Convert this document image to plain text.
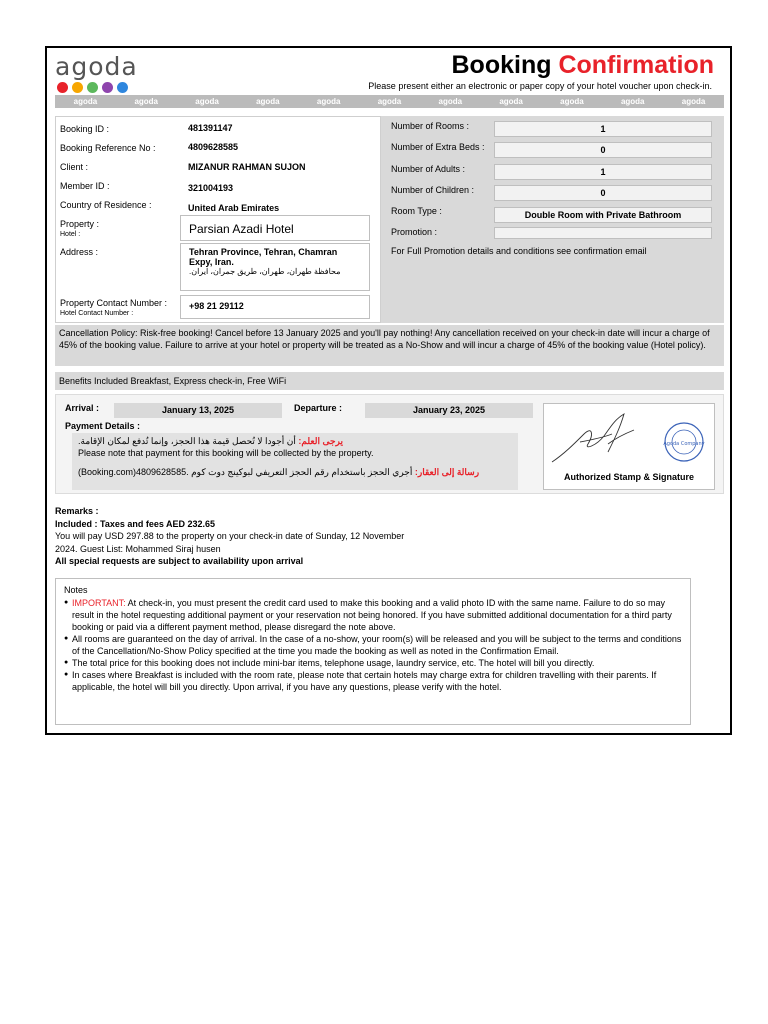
agoda	Booking Confirmation
Please present either an electronic or paper copy of your hotel voucher upon check-in.
agoda	agoda	agoda	agoda	agoda	agoda	agoda	agoda	agoda	agoda	agoda
Booking ID :	481391147
Booking Reference No :	4809628585
Client :	MIZANUR RAHMAN SUJON
Member ID :	321004193
Country of Residence :	United Arab Emirates
Property :
Hotel :	Parsian Azadi Hotel
Address :	Tehran Province, Tehran, Chamran
Expy, Iran.
محافظة طهران، طهران، طريق جمران، ايران.
Property Contact Number :
Hotel Contact Number :
+98 21 29112
Number of Rooms :	1
Number of Extra Beds :	0
Number of Adults :	1
Number of Children :	0
Room Type :	Double Room with Private Bathroom
Promotion :
For Full Promotion details and conditions see confirmation email
Cancellation Policy: Risk-free booking! Cancel before 13 January 2025 and you'll pay nothing! Any cancellation received on your check-in date will incur a charge of 45% of the booking value. Failure to arrive at your hotel or property will be treated as a No-Show and will incur a charge of 45% of the booking value (Hotel policy).
Benefits Included Breakfast, Express check-in, Free WiFi
Arrival :	January 13, 2025	Departure :	January 23, 2025
Payment Details :
يرجى العلم: أن أجودا لا تُحصل قيمة هذا الحجز، وإنما تُدفع لمكان الإقامة.
Please note that payment for this booking will be collected by the property.
رسالة إلى العقار: أجري الحجز باستخدام رقم الحجز التعريفي لبوكينج دوت كوم (Booking.com)4809628585.
Agoda Company
Authorized Stamp & Signature
Remarks :
Included : Taxes and fees AED 232.65
You will pay USD 297.88 to the property on your check-in date of Sunday, 12 November
2024. Guest List: Mohammed Siraj husen
All special requests are subject to availability upon arrival
Notes
● IMPORTANT: At check-in, you must present the credit card used to make this booking and a valid photo ID with the same name. Failure to do so may result in the hotel requesting additional payment or your reservation not being honored. If you have submitted additional documentation for a third party booking or paid via a different payment method, please disregard the note above.
● All rooms are guaranteed on the day of arrival. In the case of a no-show, your room(s) will be released and you will be subject to the terms and conditions of the Cancellation/No-Show Policy specified at the time you made the booking as well as noted in the Confirmation Email.
● The total price for this booking does not include mini-bar items, telephone usage, laundry service, etc. The hotel will bill you directly.
● In cases where Breakfast is included with the room rate, please note that certain hotels may charge extra for children travelling with their parents. If applicable, the hotel will bill you directly. Upon arrival, if you have any questions, please verify with the hotel.
